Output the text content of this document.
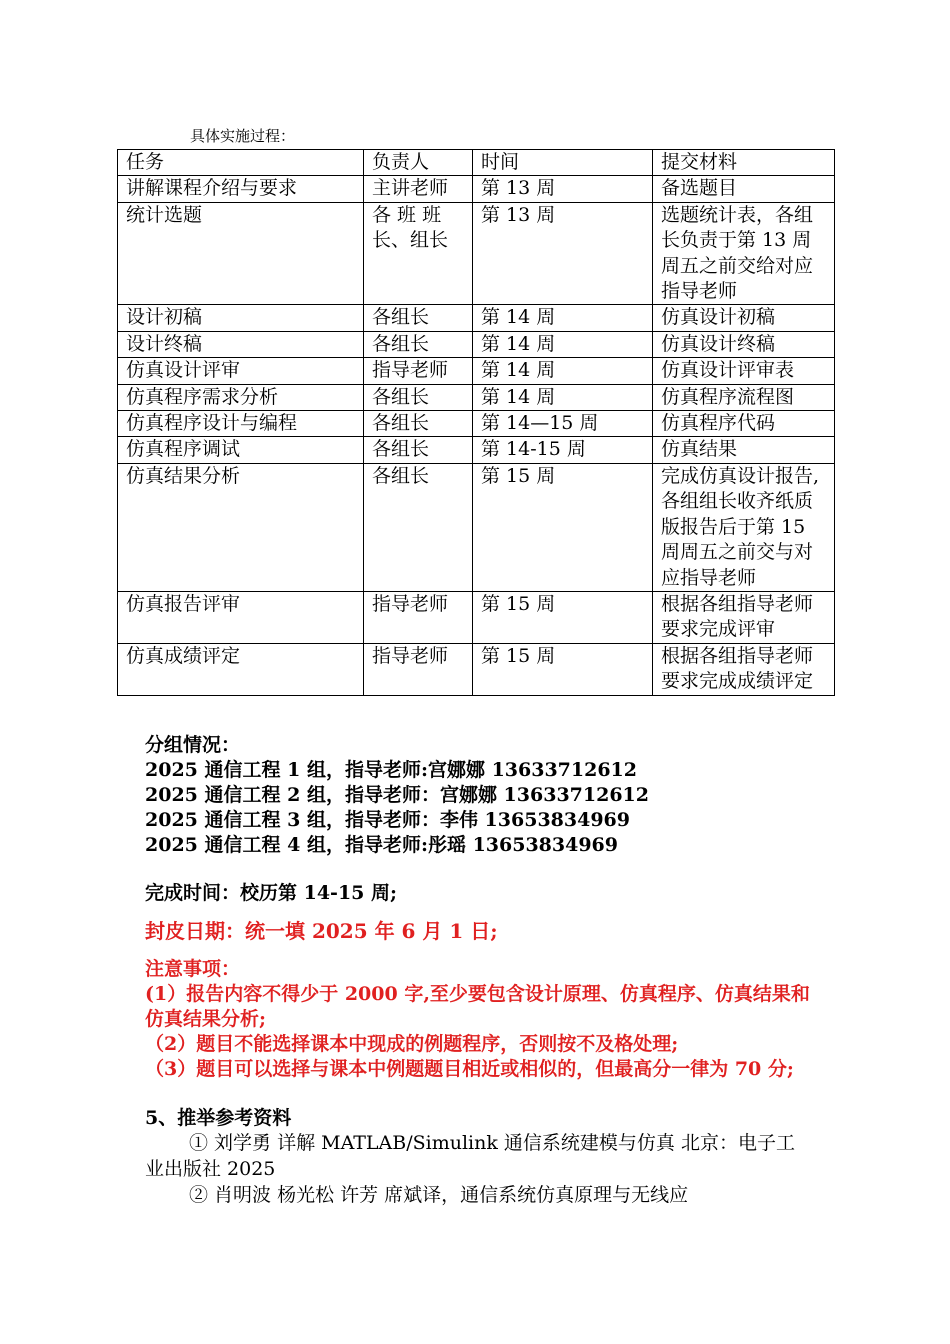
具体实施过程：
任务	负责人	时间	提交材料
讲解课程介绍与要求	主讲老师	第 13 周	备选题目
统计选题	各 班 班长、组长	第 13 周	选题统计表，各组长负责于第 13 周周五之前交给对应指导老师
设计初稿	各组长	第 14 周	仿真设计初稿
设计终稿	各组长	第 14 周	仿真设计终稿
仿真设计评审	指导老师	第 14 周	仿真设计评审表
仿真程序需求分析	各组长	第 14 周	仿真程序流程图
仿真程序设计与编程	各组长	第 14—15 周	仿真程序代码
仿真程序调试	各组长	第 14-15 周	仿真结果
仿真结果分析	各组长	第 15 周	完成仿真设计报告,各组组长收齐纸质版报告后于第 15 周周五之前交与对应指导老师
仿真报告评审	指导老师	第 15 周	根据各组指导老师要求完成评审
仿真成绩评定	指导老师	第 15 周	根据各组指导老师要求完成成绩评定
分组情况：
2025 通信工程 1 组，指导老师:宫娜娜 13633712612
2025 通信工程 2 组，指导老师：宫娜娜 13633712612
2025 通信工程 3 组，指导老师：李伟 13653834969
2025 通信工程 4 组，指导老师:彤瑶 13653834969
完成时间：校历第 14-15 周;
封皮日期：统一填 2025 年 6 月 1 日;
注意事项：
(1）报告内容不得少于 2000 字,至少要包含设计原理、仿真程序、仿真结果和仿真结果分析;
（2）题目不能选择课本中现成的例题程序，否则按不及格处理;
（3）题目可以选择与课本中例题题目相近或相似的，但最高分一律为 70 分;
5、推举参考资料
① 刘学勇 详解 MATLAB/Simulink 通信系统建模与仿真 北京：电子工业出版社 2025
② 肖明波 杨光松 许芳 席斌译，通信系统仿真原理与无线应
